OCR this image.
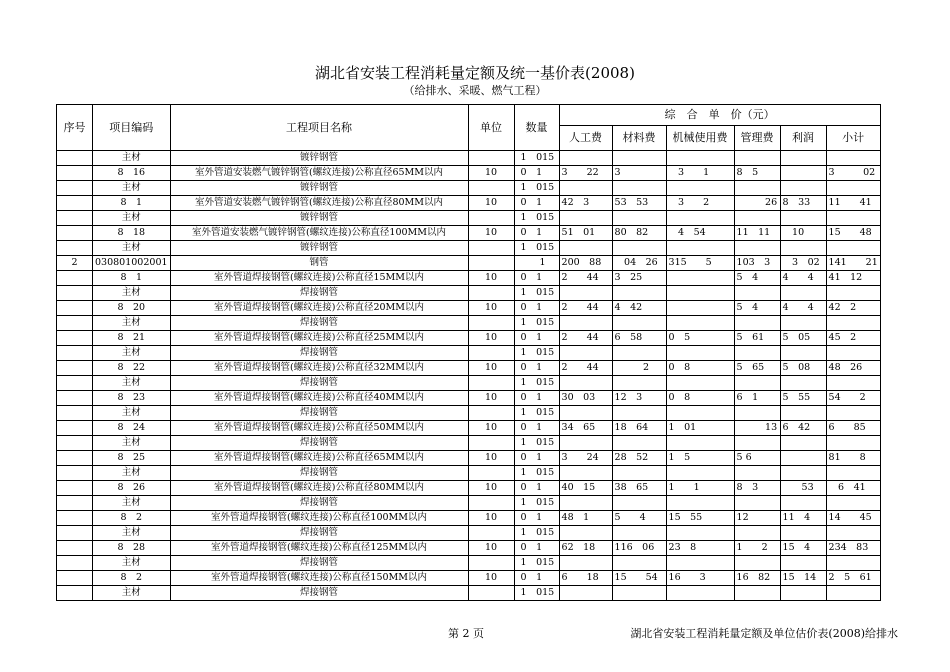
湖北省安装工程消耗量定额及统一基价表(2008)
（给排水、采暖、燃气工程）
序号	项目编码	工程项目名称	单位	数量	综　合　单　价（元）					
					人工费	材料费	机械使用费	管理费	利润	小计
	主材	镀锌钢管		1　015						
	8　16	室外管道安装燃气镀锌钢管(螺纹连接)公称直径65MM以内	10	0　1	3　　22	3	　3　　1	8　5		3　　　02
	主材	镀锌钢管		1　015						
	8　1	室外管道安装燃气镀锌钢管(螺纹连接)公称直径80MM以内	10	0　1	42　3	53　53	　3　　2	　　　26	8　33	11　　41
	主材	镀锌钢管		1　015						
	8　18	室外管道安装燃气镀锌钢管(螺纹连接)公称直径100MM以内	10	0　1	51　01	80　82	　4　54	11　11	　10	15　　48
	主材	镀锌钢管		1　015						
2	030801002001	钢管		　　1	200　88	　04　26	315　　5	103　3	　3　02	141　　21
	8　1	室外管道焊接钢管(螺纹连接)公称直径15MM以内	10	0　1	2　　44	3　25		5　4	4　　4	41　12
	主材	焊接钢管		1　015						
	8　20	室外管道焊接钢管(螺纹连接)公称直径20MM以内	10	0　1	2　　44	4　42		5　4	4　　4	42　2
	主材	焊接钢管		1　015						
	8　21	室外管道焊接钢管(螺纹连接)公称直径25MM以内	10	0　1	2　　44	6　58	0　5	5　61	5　05	45　2
	主材	焊接钢管		1　015						
	8　22	室外管道焊接钢管(螺纹连接)公称直径32MM以内	10	0　1	2　　44	　　　2	0　8	5　65	5　08	48　26
	主材	焊接钢管		1　015						
	8　23	室外管道焊接钢管(螺纹连接)公称直径40MM以内	10	0　1	30　03	12　3	0　8	6　1	5　55	54　　2
	主材	焊接钢管		1　015						
	8　24	室外管道焊接钢管(螺纹连接)公称直径50MM以内	10	0　1	34　65	18　64	1　01	　　　13	6　42	6　　85
	主材	焊接钢管		1　015						
	8　25	室外管道焊接钢管(螺纹连接)公称直径65MM以内	10	0　1	3　　24	28　52	1　5	5 6		81　　8
	主材	焊接钢管		1　015						
	8　26	室外管道焊接钢管(螺纹连接)公称直径80MM以内	10	0　1	40　15	38　65	1　　1	8　3	　　53	　6　41
	主材	焊接钢管		1　015						
	8　2	室外管道焊接钢管(螺纹连接)公称直径100MM以内	10	0　1	48　1	5　　4	15　55	12	11　4	14　　45
	主材	焊接钢管		1　015						
	8　28	室外管道焊接钢管(螺纹连接)公称直径125MM以内	10	0　1	62　18	116　06	23　8	1　　2	15　4	234　83
	主材	焊接钢管		1　015						
	8　2	室外管道焊接钢管(螺纹连接)公称直径150MM以内	10	0　1	6　　18	15　　54	16　　3	16　82	15　14	2　5　61
	主材	焊接钢管		1　015						
第 2 页	湖北省安装工程消耗量定额及单位估价表(2008)给排水
